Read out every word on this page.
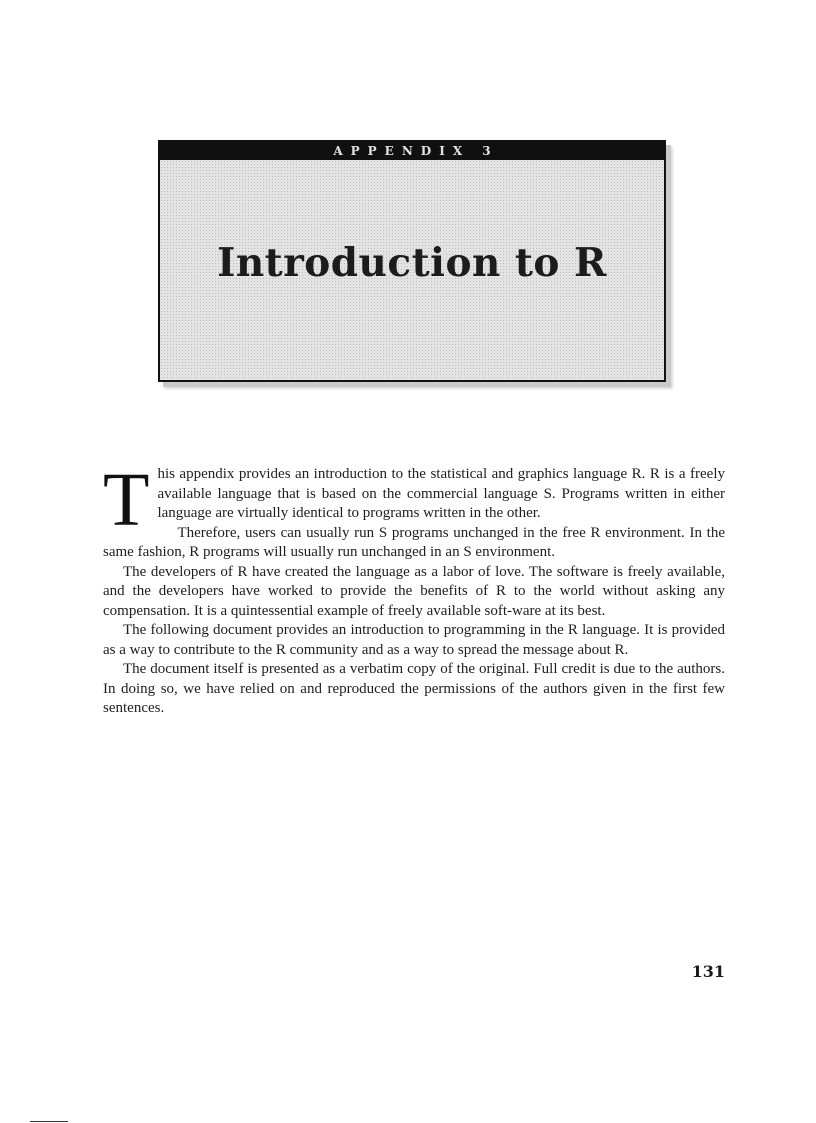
APPENDIX 3
Introduction to R

This appendix provides an introduction to the statistical and graphics language R. R is a freely available language that is based on the commercial language S. Programs written in either language are virtually identical to programs written in the other.

Therefore, users can usually run S programs unchanged in the free R environment. In the same fashion, R programs will usually run unchanged in an S environment.

The developers of R have created the language as a labor of love. The software is freely available, and the developers have worked to provide the benefits of R to the world without asking any compensation. It is a quintessential example of freely available soft-ware at its best.

The following document provides an introduction to programming in the R language. It is provided as a way to contribute to the R community and as a way to spread the message about R.

The document itself is presented as a verbatim copy of the original. Full credit is due to the authors. In doing so, we have relied on and reproduced the permissions of the authors given in the first few sentences.

131
